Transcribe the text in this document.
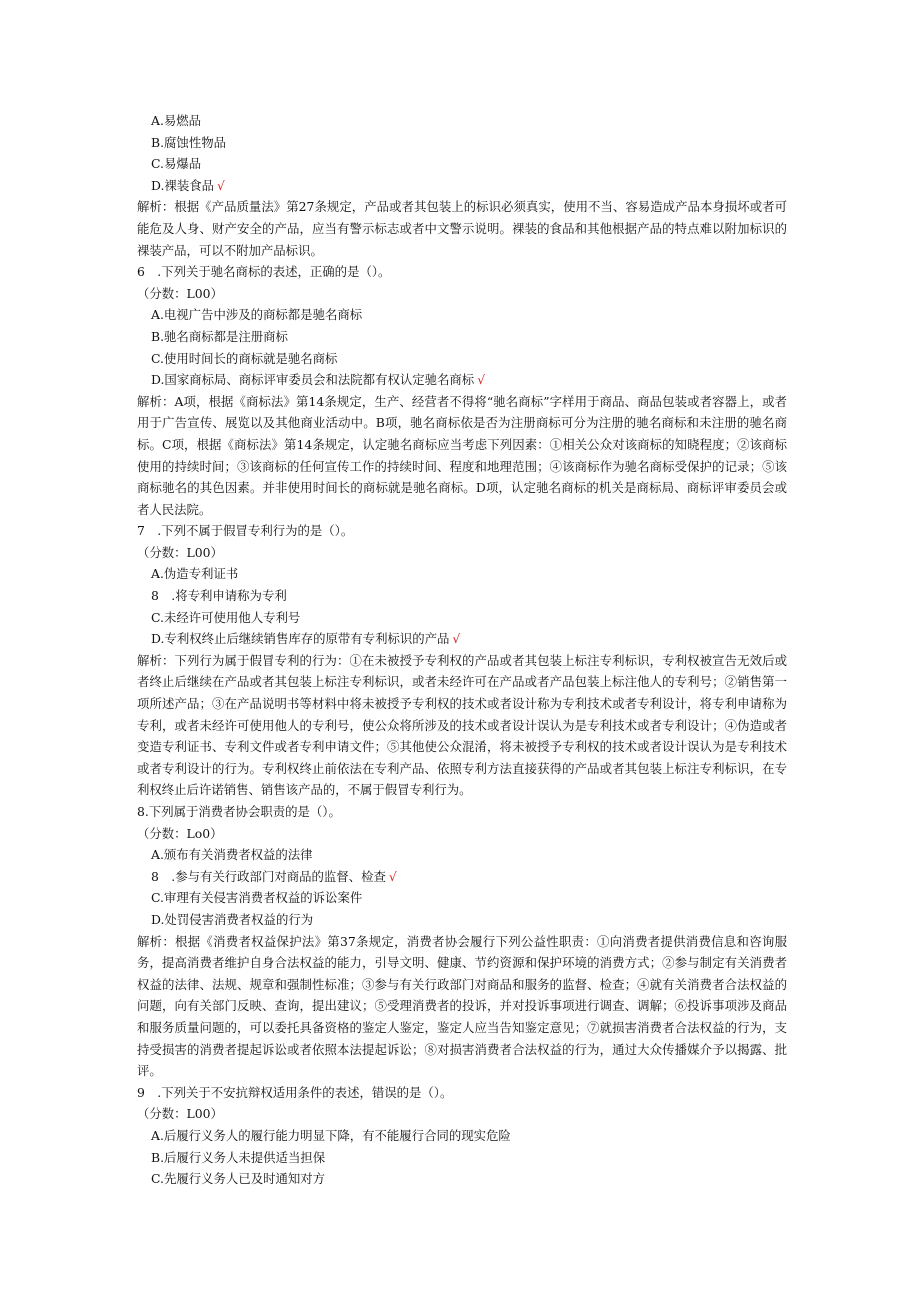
A.易燃品
B.腐蚀性物品
C.易爆品
D.裸装食品 √
解析：根据《产品质量法》第27条规定，产品或者其包装上的标识必须真实，使用不当、容易造成产品本身损坏或者可能危及人身、财产安全的产品，应当有警示标志或者中文警示说明。裸装的食品和其他根据产品的特点难以附加标识的裸装产品，可以不附加产品标识。
6　.下列关于驰名商标的表述，正确的是（）。
（分数：L00）
A.电视广告中涉及的商标都是驰名商标
B.驰名商标都是注册商标
C.使用时间长的商标就是驰名商标
D.国家商标局、商标评审委员会和法院都有权认定驰名商标 √
解析：A项，根据《商标法》第14条规定，生产、经营者不得将“驰名商标”字样用于商品、商品包装或者容器上，或者用于广告宣传、展览以及其他商业活动中。B项，驰名商标依是否为注册商标可分为注册的驰名商标和未注册的驰名商标。C项，根据《商标法》第14条规定，认定驰名商标应当考虑下列因素：①相关公众对该商标的知晓程度；②该商标使用的持续时间；③该商标的任何宣传工作的持续时间、程度和地理范围；④该商标作为驰名商标受保护的记录；⑤该商标驰名的其色因素。并非使用时间长的商标就是驰名商标。D项，认定驰名商标的机关是商标局、商标评审委员会或者人民法院。
7　.下列不属于假冒专利行为的是（）。
（分数：L00）
A.伪造专利证书
8　.将专利申请称为专利
C.未经许可使用他人专利号
D.专利权终止后继续销售库存的原带有专利标识的产品 √
解析：下列行为属于假冒专利的行为：①在未被授予专利权的产品或者其包装上标注专利标识，专利权被宣告无效后或者终止后继续在产品或者其包装上标注专利标识，或者未经许可在产品或者产品包装上标注他人的专利号；②销售第一项所述产品；③在产品说明书等材料中将未被授予专利权的技术或者设计称为专利技术或者专利设计，将专利申请称为专利，或者未经许可使用他人的专利号，使公众将所涉及的技术或者设计误认为是专利技术或者专利设计；④伪造或者变造专利证书、专利文件或者专利申请文件；⑤其他使公众混淆，将未被授予专利权的技术或者设计误认为是专利技术或者专利设计的行为。专利权终止前依法在专利产品、依照专利方法直接获得的产品或者其包装上标注专利标识，在专利权终止后许诺销售、销售该产品的，不属于假冒专利行为。
8.下列属于消费者协会职责的是（）。
（分数：Lo0）
A.颁布有关消费者权益的法律
8　.参与有关行政部门对商品的监督、检查 √
C.审理有关侵害消费者权益的诉讼案件
D.处罚侵害消费者权益的行为
解析：根据《消费者权益保护法》第37条规定，消费者协会履行下列公益性职责：①向消费者提供消费信息和咨询服务，提高消费者维护自身合法权益的能力，引导文明、健康、节约资源和保护环境的消费方式；②参与制定有关消费者权益的法律、法规、规章和强制性标准；③参与有关行政部门对商品和服务的监督、检查；④就有关消费者合法权益的问题，向有关部门反映、查询，提出建议；⑤受理消费者的投诉，并对投诉事项进行调查、调解；⑥投诉事项涉及商品和服务质量问题的，可以委托具备资格的鉴定人鉴定，鉴定人应当告知鉴定意见；⑦就损害消费者合法权益的行为，支持受损害的消费者提起诉讼或者依照本法提起诉讼；⑧对损害消费者合法权益的行为，通过大众传播媒介予以揭露、批评。
9　.下列关于不安抗辩权适用条件的表述，错误的是（）。
（分数：L00）
A.后履行义务人的履行能力明显下降，有不能履行合同的现实危险
B.后履行义务人未提供适当担保
C.先履行义务人已及时通知对方
